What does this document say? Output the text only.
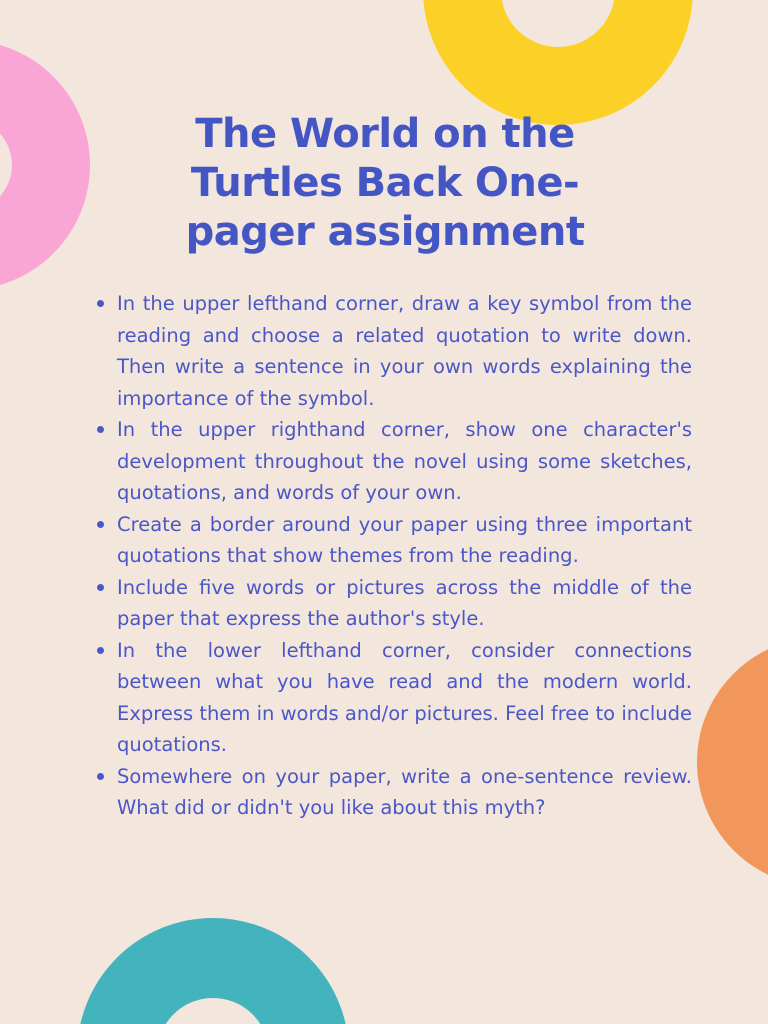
The World on the Turtles Back One-pager assignment
In the upper lefthand corner, draw a key symbol from the reading and choose a related quotation to write down. Then write a sentence in your own words explaining the importance of the symbol.
In the upper righthand corner, show one character's development throughout the novel using some sketches, quotations, and words of your own.
Create a border around your paper using three important quotations that show themes from the reading.
Include five words or pictures across the middle of the paper that express the author's style.
In the lower lefthand corner, consider connections between what you have read and the modern world. Express them in words and/or pictures. Feel free to include quotations.
Somewhere on your paper, write a one-sentence review. What did or didn't you like about this myth?
